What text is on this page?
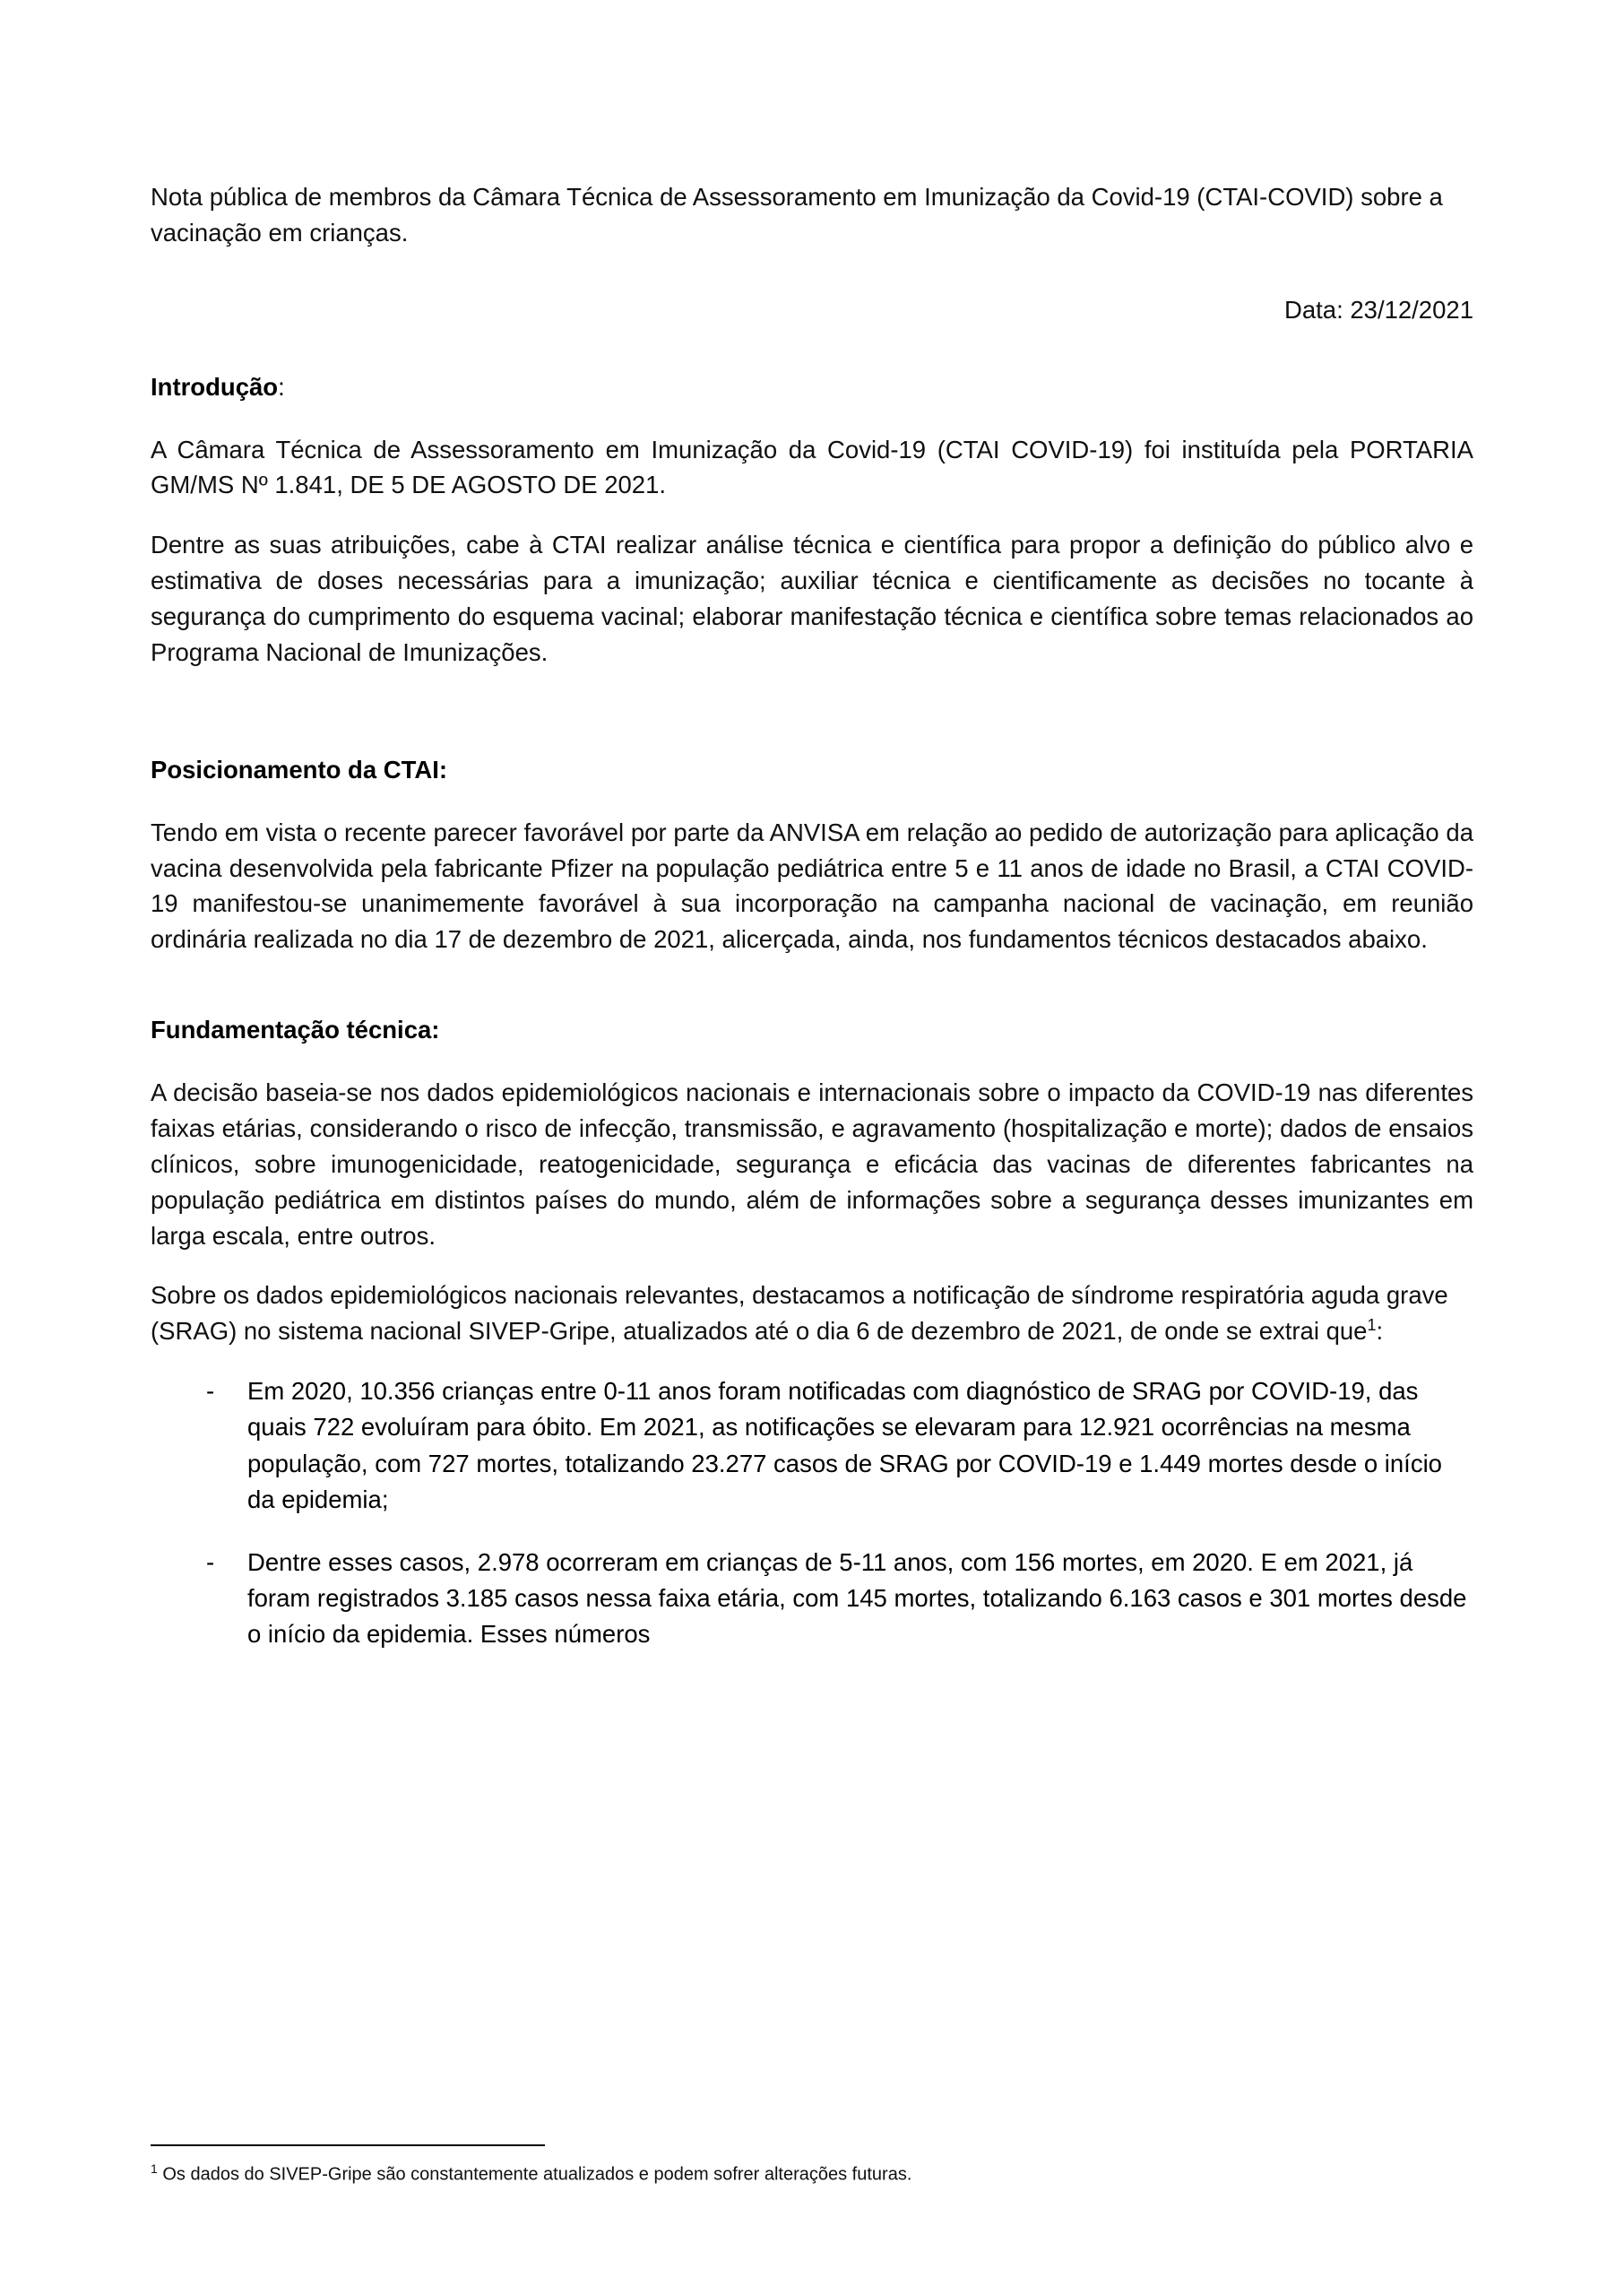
Nota pública de membros da Câmara Técnica de Assessoramento em Imunização da Covid-19 (CTAI-COVID) sobre a vacinação em crianças.

Data: 23/12/2021

Introdução:

A Câmara Técnica de Assessoramento em Imunização da Covid-19 (CTAI COVID-19) foi instituída pela PORTARIA GM/MS Nº 1.841, DE 5 DE AGOSTO DE 2021.

Dentre as suas atribuições, cabe à CTAI realizar análise técnica e científica para propor a definição do público alvo e estimativa de doses necessárias para a imunização; auxiliar técnica e cientificamente as decisões no tocante à segurança do cumprimento do esquema vacinal; elaborar manifestação técnica e científica sobre temas relacionados ao Programa Nacional de Imunizações.

Posicionamento da CTAI:

Tendo em vista o recente parecer favorável por parte da ANVISA em relação ao pedido de autorização para aplicação da vacina desenvolvida pela fabricante Pfizer na população pediátrica entre 5 e 11 anos de idade no Brasil, a CTAI COVID-19 manifestou-se unanimemente favorável à sua incorporação na campanha nacional de vacinação, em reunião ordinária realizada no dia 17 de dezembro de 2021, alicerçada, ainda, nos fundamentos técnicos destacados abaixo.

Fundamentação técnica:

A decisão baseia-se nos dados epidemiológicos nacionais e internacionais sobre o impacto da COVID-19 nas diferentes faixas etárias, considerando o risco de infecção, transmissão, e agravamento (hospitalização e morte); dados de ensaios clínicos, sobre imunogenicidade, reatogenicidade, segurança e eficácia das vacinas de diferentes fabricantes na população pediátrica em distintos países do mundo, além de informações sobre a segurança desses imunizantes em larga escala, entre outros.

Sobre os dados epidemiológicos nacionais relevantes, destacamos a notificação de síndrome respiratória aguda grave (SRAG) no sistema nacional SIVEP-Gripe, atualizados até o dia 6 de dezembro de 2021, de onde se extrai que$^1$:

- Em 2020, 10.356 crianças entre 0-11 anos foram notificadas com diagnóstico de SRAG por COVID-19, das quais 722 evoluíram para óbito. Em 2021, as notificações se elevaram para 12.921 ocorrências na mesma população, com 727 mortes, totalizando 23.277 casos de SRAG por COVID-19 e 1.449 mortes desde o início da epidemia;
- Dentre esses casos, 2.978 ocorreram em crianças de 5-11 anos, com 156 mortes, em 2020. E em 2021, já foram registrados 3.185 casos nessa faixa etária, com 145 mortes, totalizando 6.163 casos e 301 mortes desde o início da epidemia. Esses números
$^1$ Os dados do SIVEP-Gripe são constantemente atualizados e podem sofrer alterações futuras.
